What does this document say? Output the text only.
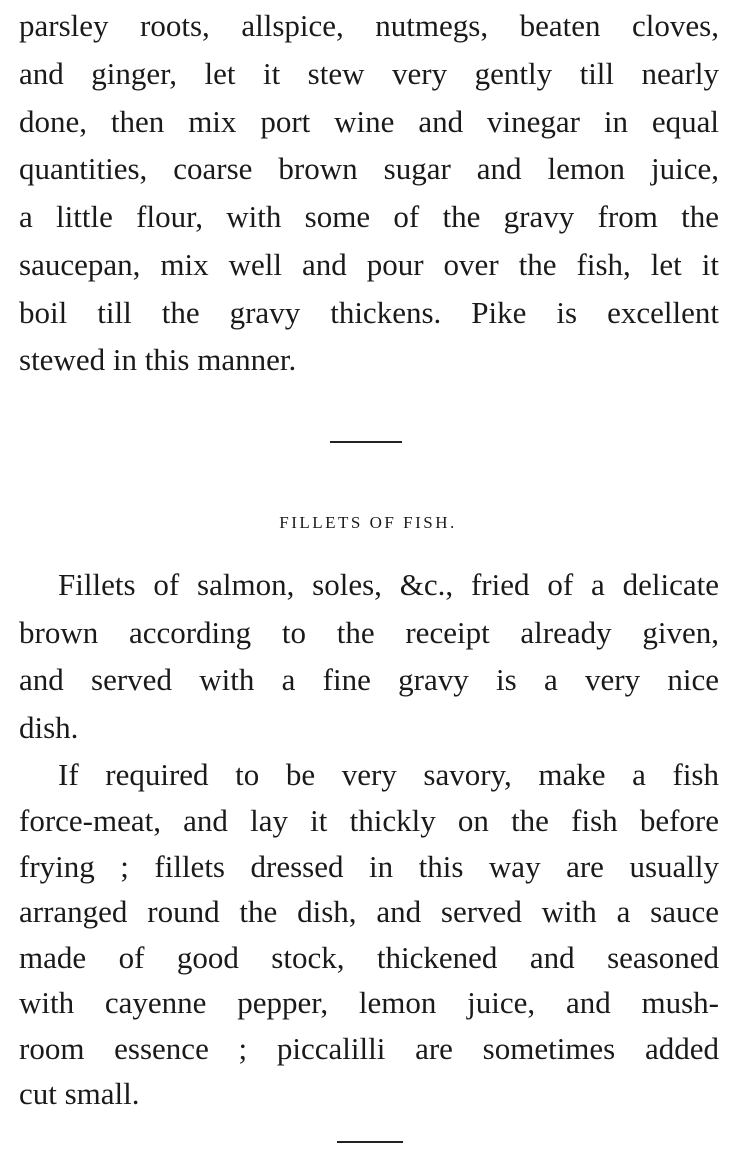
parsley roots, allspice, nutmegs, beaten cloves,
and ginger, let it stew very gently till nearly
done, then mix port wine and vinegar in equal
quantities, coarse brown sugar and lemon juice,
a little flour, with some of the gravy from the
saucepan, mix well and pour over the fish, let it
boil till the gravy thickens. Pike is excellent
stewed in this manner.
FILLETS OF FISH.
Fillets of salmon, soles, &c., fried of a delicate
brown according to the receipt already given,
and served with a fine gravy is a very nice
dish.
If required to be very savory, make a fish
force-meat, and lay it thickly on the fish before
frying ; fillets dressed in this way are usually
arranged round the dish, and served with a sauce
made of good stock, thickened and seasoned
with cayenne pepper, lemon juice, and mush-
room essence ; piccalilli are sometimes added
cut small.
